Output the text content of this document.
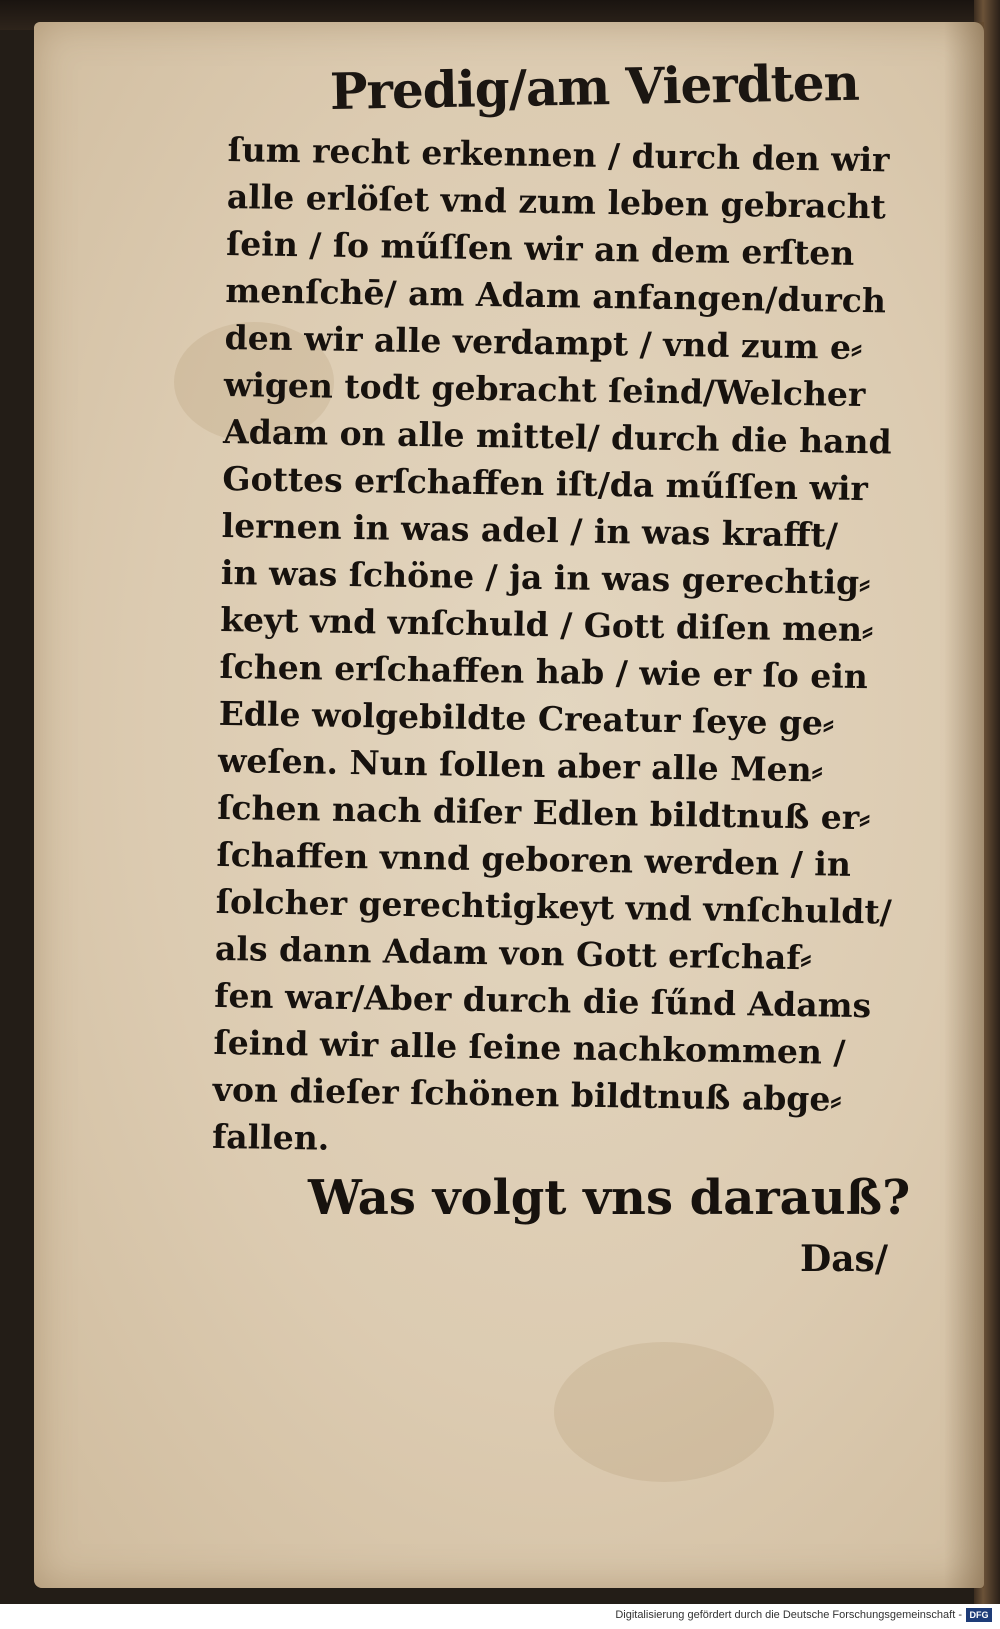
Predig/am Vierdten
ſum recht erkennen / durch den wir
alle erlöſet vnd zum leben gebracht
ſein / ſo műſſen wir an dem erſten
menſchē/ am Adam anfangen/durch
den wir alle verdampt / vnd zum e⸗
wigen todt gebracht ſeind/Welcher
Adam on alle mittel/ durch die hand
Gottes erſchaffen iſt/da műſſen wir
lernen in was adel / in was krafft/
in was ſchöne / ja in was gerechtig⸗
keyt vnd vnſchuld / Gott diſen men⸗
ſchen erſchaffen hab / wie er ſo ein
Edle wolgebildte Creatur ſeye ge⸗
weſen. Nun ſollen aber alle Men⸗
ſchen nach diſer Edlen bildtnuß er⸗
ſchaffen vnnd geboren werden / in
ſolcher gerechtigkeyt vnd vnſchuldt/
als dann Adam von Gott erſchaf⸗
fen war/Aber durch die ſűnd Adams
ſeind wir alle ſeine nachkommen /
von dieſer ſchönen bildtnuß abge⸗
fallen.
Was volgt vns darauß?
Das/
Digitalisierung gefördert durch die Deutsche Forschungsgemeinschaft - DFG
